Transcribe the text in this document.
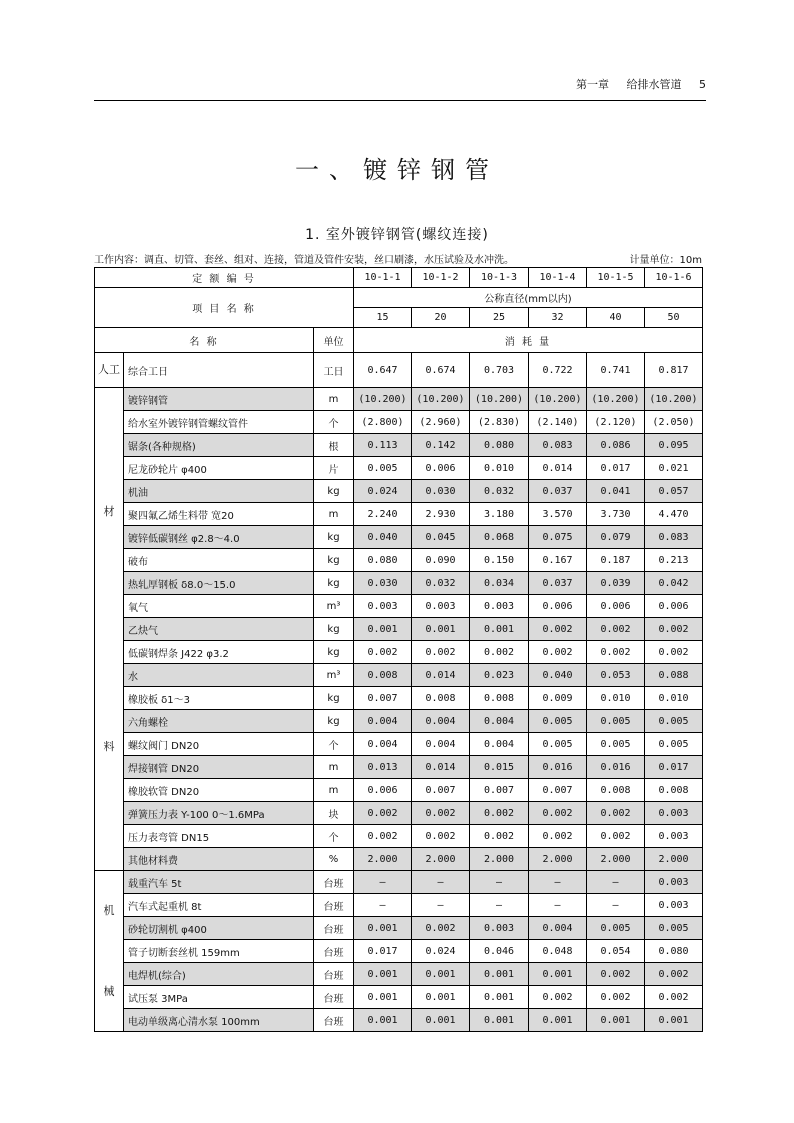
第一章 给排水管道 5
一、镀锌钢管
1. 室外镀锌钢管(螺纹连接)
工作内容：调直、切管、套丝、组对、连接，管道及管件安装，丝口刷漆，水压试验及水冲洗。	计量单位：10m
定 额 编 号			10-1-1	10-1-2	10-1-3	10-1-4	10-1-5	10-1-6
项 目 名 称			公称直径(mm以内)					
			15	20	25	32	40	50
名 称		单位	消 耗 量					

人工	综合工日	工日	0.647	0.674	0.703	0.722	0.741	0.817

材
料	镀锌钢管	m	(10.200)	(10.200)	(10.200)	(10.200)	(10.200)	(10.200)
	给水室外镀锌钢管螺纹管件	个	(2.800)	(2.960)	(2.830)	(2.140)	(2.120)	(2.050)
	锯条(各种规格)	根	0.113	0.142	0.080	0.083	0.086	0.095
	尼龙砂轮片 φ400	片	0.005	0.006	0.010	0.014	0.017	0.021
	机油	kg	0.024	0.030	0.032	0.037	0.041	0.057
	聚四氟乙烯生料带 宽20	m	2.240	2.930	3.180	3.570	3.730	4.470
	镀锌低碳钢丝 φ2.8～4.0	kg	0.040	0.045	0.068	0.075	0.079	0.083
	破布	kg	0.080	0.090	0.150	0.167	0.187	0.213
	热轧厚钢板 δ8.0～15.0	kg	0.030	0.032	0.034	0.037	0.039	0.042
	氧气	m³	0.003	0.003	0.003	0.006	0.006	0.006
	乙炔气	kg	0.001	0.001	0.001	0.002	0.002	0.002
	低碳钢焊条 J422 φ3.2	kg	0.002	0.002	0.002	0.002	0.002	0.002
	水	m³	0.008	0.014	0.023	0.040	0.053	0.088
	橡胶板 δ1～3	kg	0.007	0.008	0.008	0.009	0.010	0.010
	六角螺栓	kg	0.004	0.004	0.004	0.005	0.005	0.005
	螺纹阀门 DN20	个	0.004	0.004	0.004	0.005	0.005	0.005
	焊接钢管 DN20	m	0.013	0.014	0.015	0.016	0.016	0.017
	橡胶软管 DN20	m	0.006	0.007	0.007	0.007	0.008	0.008
	弹簧压力表 Y-100 0～1.6MPa	块	0.002	0.002	0.002	0.002	0.002	0.003
	压力表弯管 DN15	个	0.002	0.002	0.002	0.002	0.002	0.003
	其他材料费	%	2.000	2.000	2.000	2.000	2.000	2.000

机
械	载重汽车 5t	台班	—	—	—	—	—	0.003
	汽车式起重机 8t	台班	—	—	—	—	—	0.003
	砂轮切割机 φ400	台班	0.001	0.002	0.003	0.004	0.005	0.005
	管子切断套丝机 159mm	台班	0.017	0.024	0.046	0.048	0.054	0.080
	电焊机(综合)	台班	0.001	0.001	0.001	0.001	0.002	0.002
	试压泵 3MPa	台班	0.001	0.001	0.001	0.002	0.002	0.002
	电动单级离心清水泵 100mm	台班	0.001	0.001	0.001	0.001	0.001	0.001
